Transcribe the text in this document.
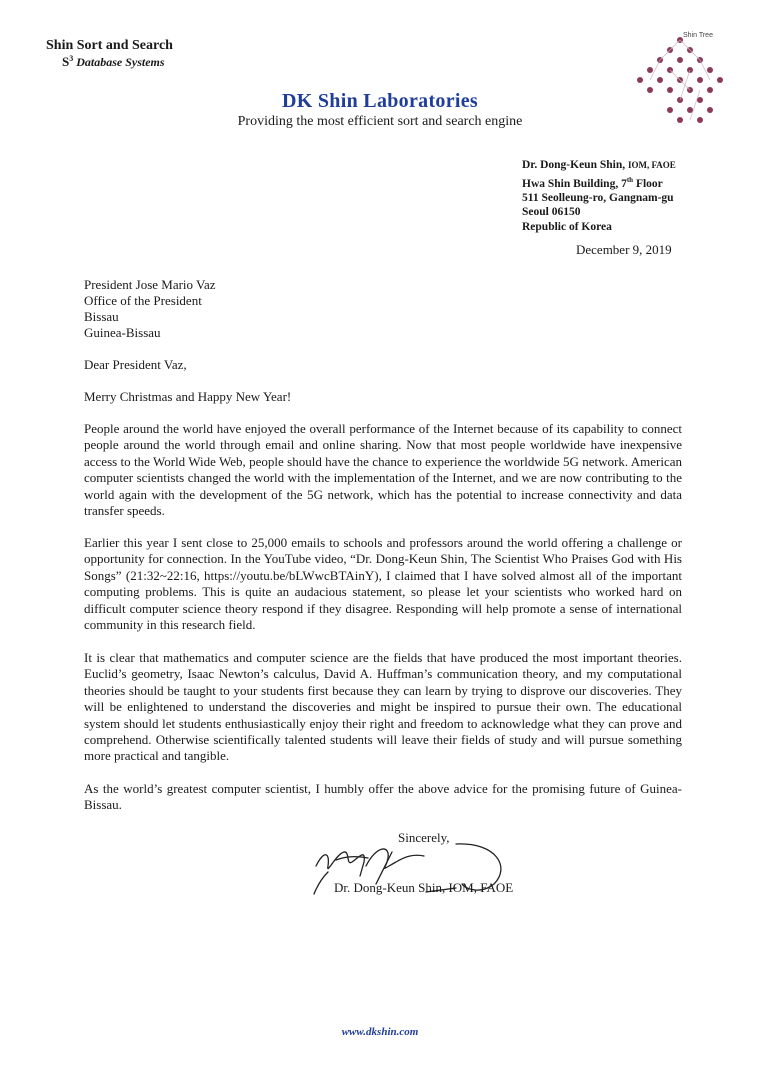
Shin Sort and Search
$S^3$ Database Systems
Shin Tree
DK Shin Laboratories
Providing the most efficient sort and search engine
Dr. Dong-Keun Shin, IOM, FAOE
Hwa Shin Building, 7th Floor
511 Seolleung-ro, Gangnam-gu
Seoul 06150
Republic of Korea
December 9, 2019
President Jose Mario Vaz
Office of the President
Bissau
Guinea-Bissau
Dear President Vaz,
Merry Christmas and Happy New Year!

People around the world have enjoyed the overall performance of the Internet because of its capability to connect people around the world through email and online sharing. Now that most people worldwide have inexpensive access to the World Wide Web, people should have the chance to experience the worldwide 5G network. American computer scientists changed the world with the implementation of the Internet, and we are now contributing to the world again with the development of the 5G network, which has the potential to increase connectivity and data transfer speeds.

Earlier this year I sent close to 25,000 emails to schools and professors around the world offering a challenge or opportunity for connection. In the YouTube video, “Dr. Dong-Keun Shin, The Scientist Who Praises God with His Songs” (21:32~22:16, https://youtu.be/bLWwcBTAinY), I claimed that I have solved almost all of the important computing problems. This is quite an audacious statement, so please let your scientists who worked hard on difficult computer science theory respond if they disagree. Responding will help promote a sense of international community in this research field.

It is clear that mathematics and computer science are the fields that have produced the most important theories. Euclid’s geometry, Isaac Newton’s calculus, David A. Huffman’s communication theory, and my computational theories should be taught to your students first because they can learn by trying to disprove our discoveries. They will be enlightened to understand the discoveries and might be inspired to pursue their own. The educational system should let students enthusiastically enjoy their right and freedom to acknowledge what they can prove and comprehend. Otherwise scientifically talented students will leave their fields of study and will pursue something more practical and tangible.

As the world’s greatest computer scientist, I humbly offer the above advice for the promising future of Guinea-Bissau.

Sincerely,
Dr. Dong-Keun Shin, IOM, FAOE
www.dkshin.com
